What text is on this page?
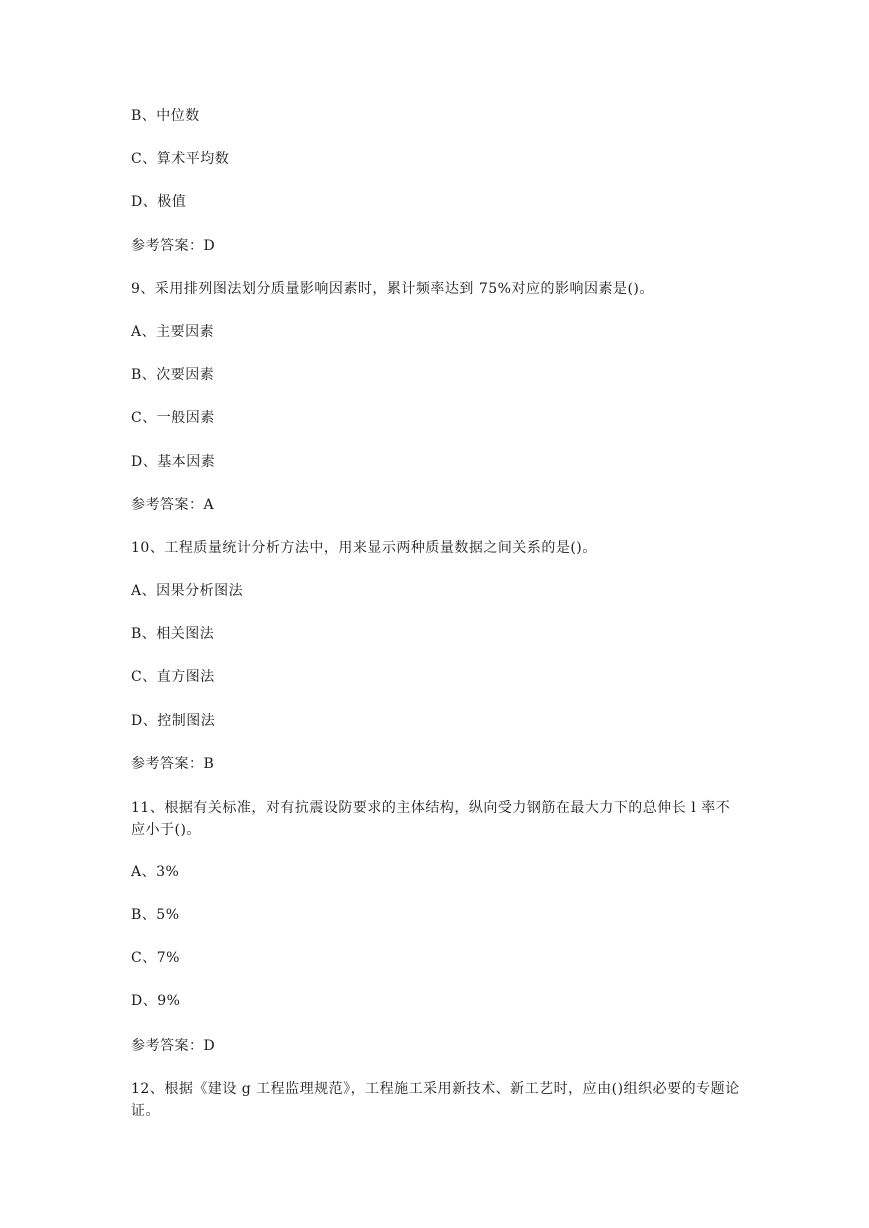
B、中位数
C、算术平均数
D、极值
参考答案：D
9、采用排列图法划分质量影响因素时，累计频率达到 75%对应的影响因素是()。
A、主要因素
B、次要因素
C、一般因素
D、基本因素
参考答案：A
10、工程质量统计分析方法中，用来显示两种质量数据之间关系的是()。
A、因果分析图法
B、相关图法
C、直方图法
D、控制图法
参考答案：B
11、根据有关标准，对有抗震设防要求的主体结构，纵向受力钢筋在最大力下的总伸长 l 率不应小于()。
A、3%
B、5%
C、7%
D、9%
参考答案：D
12、根据《建设 g 工程监理规范》，工程施工采用新技术、新工艺时，应由()组织必要的专题论证。
